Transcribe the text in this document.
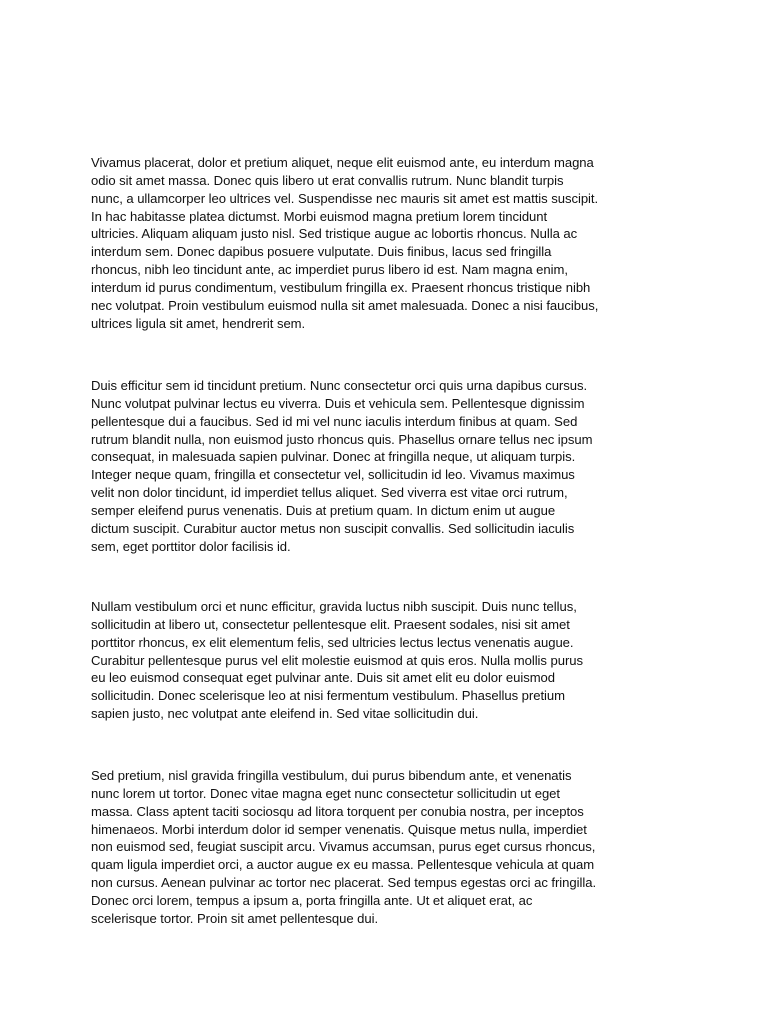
Vivamus placerat, dolor et pretium aliquet, neque elit euismod ante, eu interdum magna
odio sit amet massa. Donec quis libero ut erat convallis rutrum. Nunc blandit turpis
nunc, a ullamcorper leo ultrices vel. Suspendisse nec mauris sit amet est mattis suscipit.
In hac habitasse platea dictumst. Morbi euismod magna pretium lorem tincidunt
ultricies. Aliquam aliquam justo nisl. Sed tristique augue ac lobortis rhoncus. Nulla ac
interdum sem. Donec dapibus posuere vulputate. Duis finibus, lacus sed fringilla
rhoncus, nibh leo tincidunt ante, ac imperdiet purus libero id est. Nam magna enim,
interdum id purus condimentum, vestibulum fringilla ex. Praesent rhoncus tristique nibh
nec volutpat. Proin vestibulum euismod nulla sit amet malesuada. Donec a nisi faucibus,
ultrices ligula sit amet, hendrerit sem.

Duis efficitur sem id tincidunt pretium. Nunc consectetur orci quis urna dapibus cursus.
Nunc volutpat pulvinar lectus eu viverra. Duis et vehicula sem. Pellentesque dignissim
pellentesque dui a faucibus. Sed id mi vel nunc iaculis interdum finibus at quam. Sed
rutrum blandit nulla, non euismod justo rhoncus quis. Phasellus ornare tellus nec ipsum
consequat, in malesuada sapien pulvinar. Donec at fringilla neque, ut aliquam turpis.
Integer neque quam, fringilla et consectetur vel, sollicitudin id leo. Vivamus maximus
velit non dolor tincidunt, id imperdiet tellus aliquet. Sed viverra est vitae orci rutrum,
semper eleifend purus venenatis. Duis at pretium quam. In dictum enim ut augue
dictum suscipit. Curabitur auctor metus non suscipit convallis. Sed sollicitudin iaculis
sem, eget porttitor dolor facilisis id.

Nullam vestibulum orci et nunc efficitur, gravida luctus nibh suscipit. Duis nunc tellus,
sollicitudin at libero ut, consectetur pellentesque elit. Praesent sodales, nisi sit amet
porttitor rhoncus, ex elit elementum felis, sed ultricies lectus lectus venenatis augue.
Curabitur pellentesque purus vel elit molestie euismod at quis eros. Nulla mollis purus
eu leo euismod consequat eget pulvinar ante. Duis sit amet elit eu dolor euismod
sollicitudin. Donec scelerisque leo at nisi fermentum vestibulum. Phasellus pretium
sapien justo, nec volutpat ante eleifend in. Sed vitae sollicitudin dui.

Sed pretium, nisl gravida fringilla vestibulum, dui purus bibendum ante, et venenatis
nunc lorem ut tortor. Donec vitae magna eget nunc consectetur sollicitudin ut eget
massa. Class aptent taciti sociosqu ad litora torquent per conubia nostra, per inceptos
himenaeos. Morbi interdum dolor id semper venenatis. Quisque metus nulla, imperdiet
non euismod sed, feugiat suscipit arcu. Vivamus accumsan, purus eget cursus rhoncus,
quam ligula imperdiet orci, a auctor augue ex eu massa. Pellentesque vehicula at quam
non cursus. Aenean pulvinar ac tortor nec placerat. Sed tempus egestas orci ac fringilla.
Donec orci lorem, tempus a ipsum a, porta fringilla ante. Ut et aliquet erat, ac
scelerisque tortor. Proin sit amet pellentesque dui.
